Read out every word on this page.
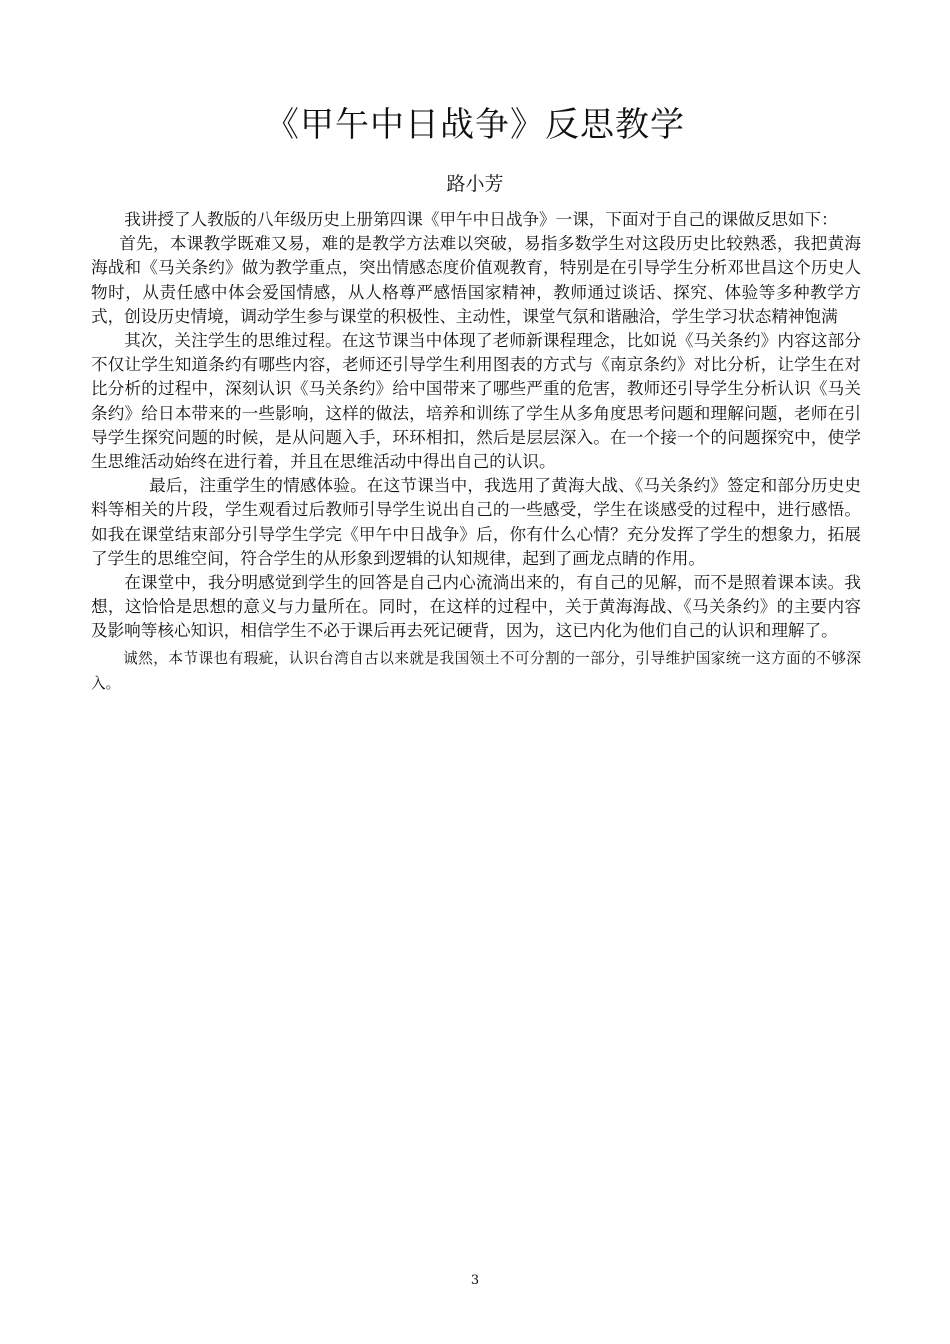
《甲午中日战争》反思教学
路小芳

我讲授了人教版的八年级历史上册第四课《甲午中日战争》一课，下面对于自己的课做反思如下：

首先，本课教学既难又易，难的是教学方法难以突破，易指多数学生对这段历史比较熟悉，我把黄海海战和《马关条约》做为教学重点，突出情感态度价值观教育，特别是在引导学生分析邓世昌这个历史人物时，从责任感中体会爱国情感，从人格尊严感悟国家精神，教师通过谈话、探究、体验等多种教学方式，创设历史情境，调动学生参与课堂的积极性、主动性，课堂气氛和谐融洽，学生学习状态精神饱满

其次，关注学生的思维过程。在这节课当中体现了老师新课程理念，比如说《马关条约》内容这部分不仅让学生知道条约有哪些内容，老师还引导学生利用图表的方式与《南京条约》对比分析，让学生在对比分析的过程中，深刻认识《马关条约》给中国带来了哪些严重的危害，教师还引导学生分析认识《马关条约》给日本带来的一些影响，这样的做法，培养和训练了学生从多角度思考问题和理解问题，老师在引导学生探究问题的时候，是从问题入手，环环相扣，然后是层层深入。在一个接一个的问题探究中，使学生思维活动始终在进行着，并且在思维活动中得出自己的认识。

最后，注重学生的情感体验。在这节课当中，我选用了黄海大战、《马关条约》签定和部分历史史料等相关的片段，学生观看过后教师引导学生说出自己的一些感受，学生在谈感受的过程中，进行感悟。如我在课堂结束部分引导学生学完《甲午中日战争》后，你有什么心情？充分发挥了学生的想象力，拓展了学生的思维空间，符合学生的从形象到逻辑的认知规律，起到了画龙点睛的作用。

在课堂中，我分明感觉到学生的回答是自己内心流淌出来的，有自己的见解，而不是照着课本读。我想，这恰恰是思想的意义与力量所在。同时，在这样的过程中，关于黄海海战、《马关条约》的主要内容及影响等核心知识，相信学生不必于课后再去死记硬背，因为，这已内化为他们自己的认识和理解了。

诚然，本节课也有瑕疵，认识台湾自古以来就是我国领土不可分割的一部分，引导维护国家统一这方面的不够深入。

3
